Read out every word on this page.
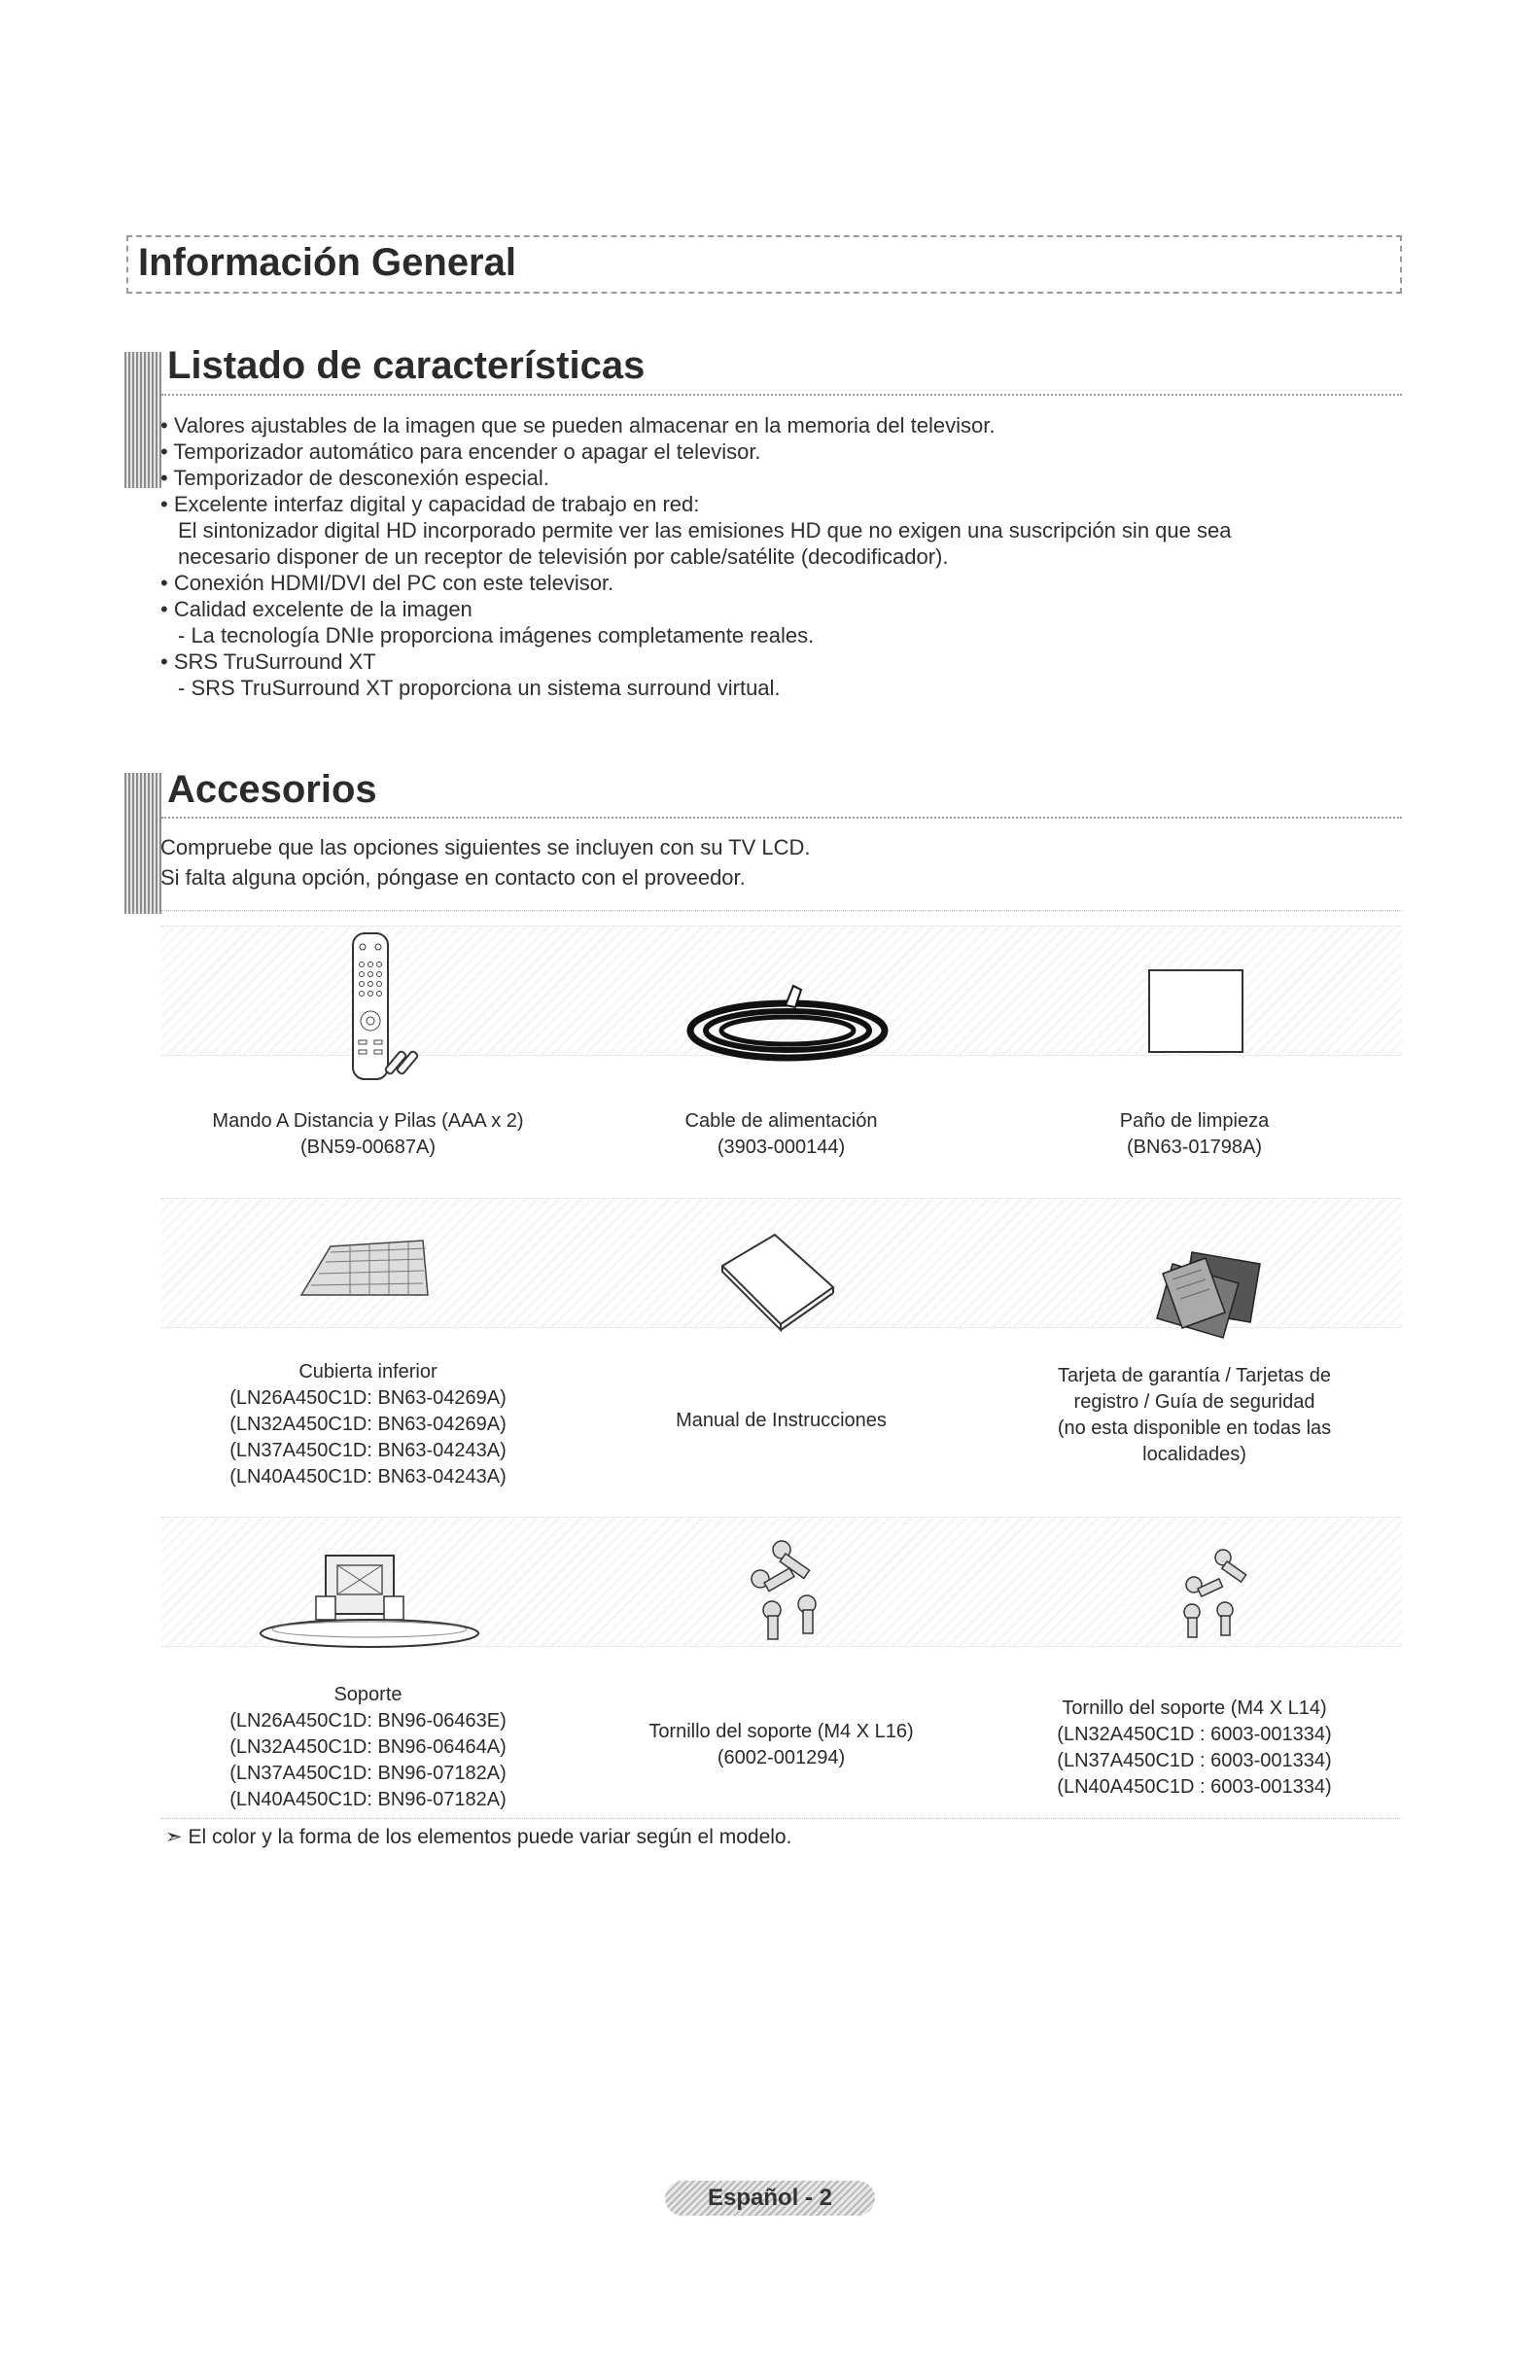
Información General
Listado de características
• Valores ajustables de la imagen que se pueden almacenar en la memoria del televisor.
• Temporizador automático para encender o apagar el televisor.
• Temporizador de desconexión especial.
• Excelente interfaz digital y capacidad de trabajo en red:
El sintonizador digital HD incorporado permite ver las emisiones HD que no exigen una suscripción sin que sea
necesario disponer de un receptor de televisión por cable/satélite (decodificador).
• Conexión HDMI/DVI del PC con este televisor.
• Calidad excelente de la imagen
- La tecnología DNIe proporciona imágenes completamente reales.
• SRS TruSurround XT
- SRS TruSurround XT proporciona un sistema surround virtual.
Accesorios
Compruebe que las opciones siguientes se incluyen con su TV LCD.
Si falta alguna opción, póngase en contacto con el proveedor.
Mando A Distancia y Pilas (AAA x 2)
(BN59-00687A)
Cable de alimentación
(3903-000144)
Paño de limpieza
(BN63-01798A)
Cubierta inferior
(LN26A450C1D: BN63-04269A)
(LN32A450C1D: BN63-04269A)
(LN37A450C1D: BN63-04243A)
(LN40A450C1D: BN63-04243A)
Manual de Instrucciones
Tarjeta de garantía / Tarjetas de
registro / Guía de seguridad
(no esta disponible en todas las
localidades)
Soporte
(LN26A450C1D: BN96-06463E)
(LN32A450C1D: BN96-06464A)
(LN37A450C1D: BN96-07182A)
(LN40A450C1D: BN96-07182A)
Tornillo del soporte (M4 X L16)
(6002-001294)
Tornillo del soporte (M4 X L14)
(LN32A450C1D : 6003-001334)
(LN37A450C1D : 6003-001334)
(LN40A450C1D : 6003-001334)
➣ El color y la forma de los elementos puede variar según el modelo.
Español - 2
